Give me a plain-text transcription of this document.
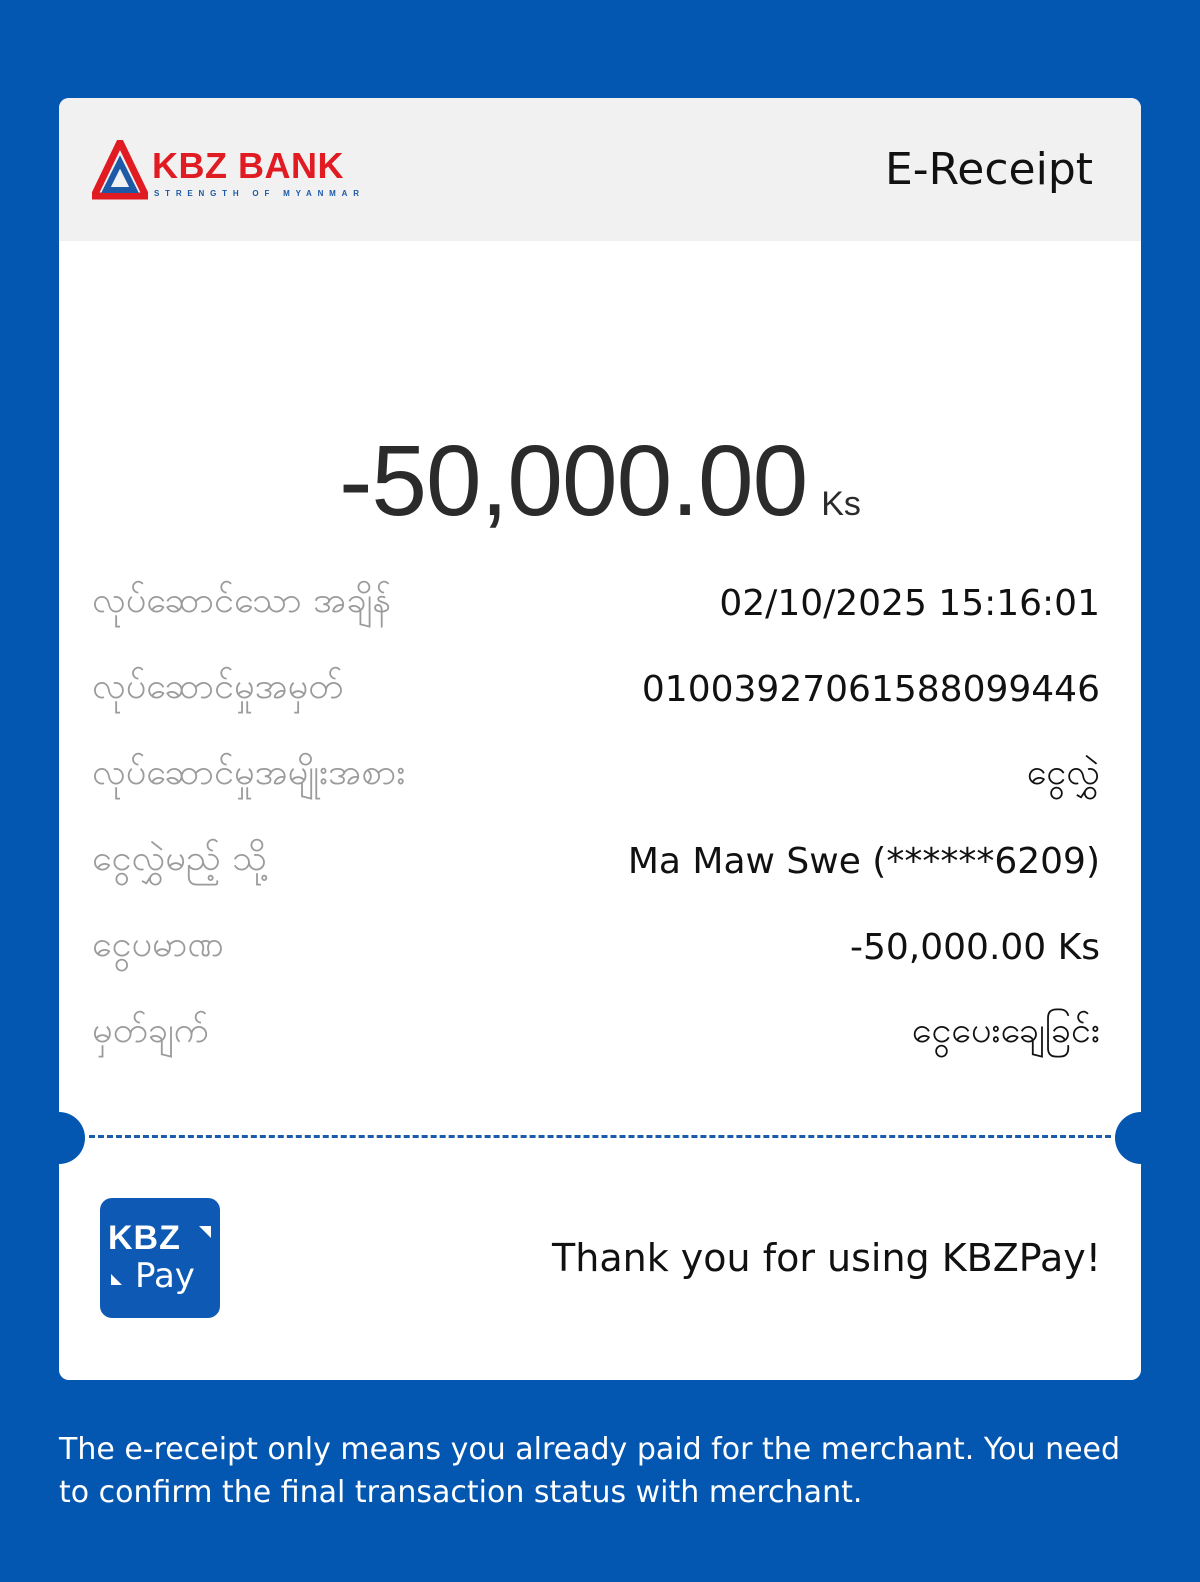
KBZ BANK
STRENGTH OF MYANMAR	E-Receipt
-50,000.00 Ks
လုပ်ဆောင်သော အချိန်	02/10/2025 15:16:01
လုပ်ဆောင်မှုအမှတ်	01003927061588099446
လုပ်ဆောင်မှုအမျိုးအစား	ငွေလွှဲ
ငွေလွှဲမည့် သို့	Ma Maw Swe (******6209)
ငွေပမာဏ	-50,000.00 Ks
မှတ်ချက်	ငွေပေးချေခြင်း
KBZ
Pay	Thank you for using KBZPay!
The e-receipt only means you already paid for the merchant. You need to confirm the final transaction status with merchant.
